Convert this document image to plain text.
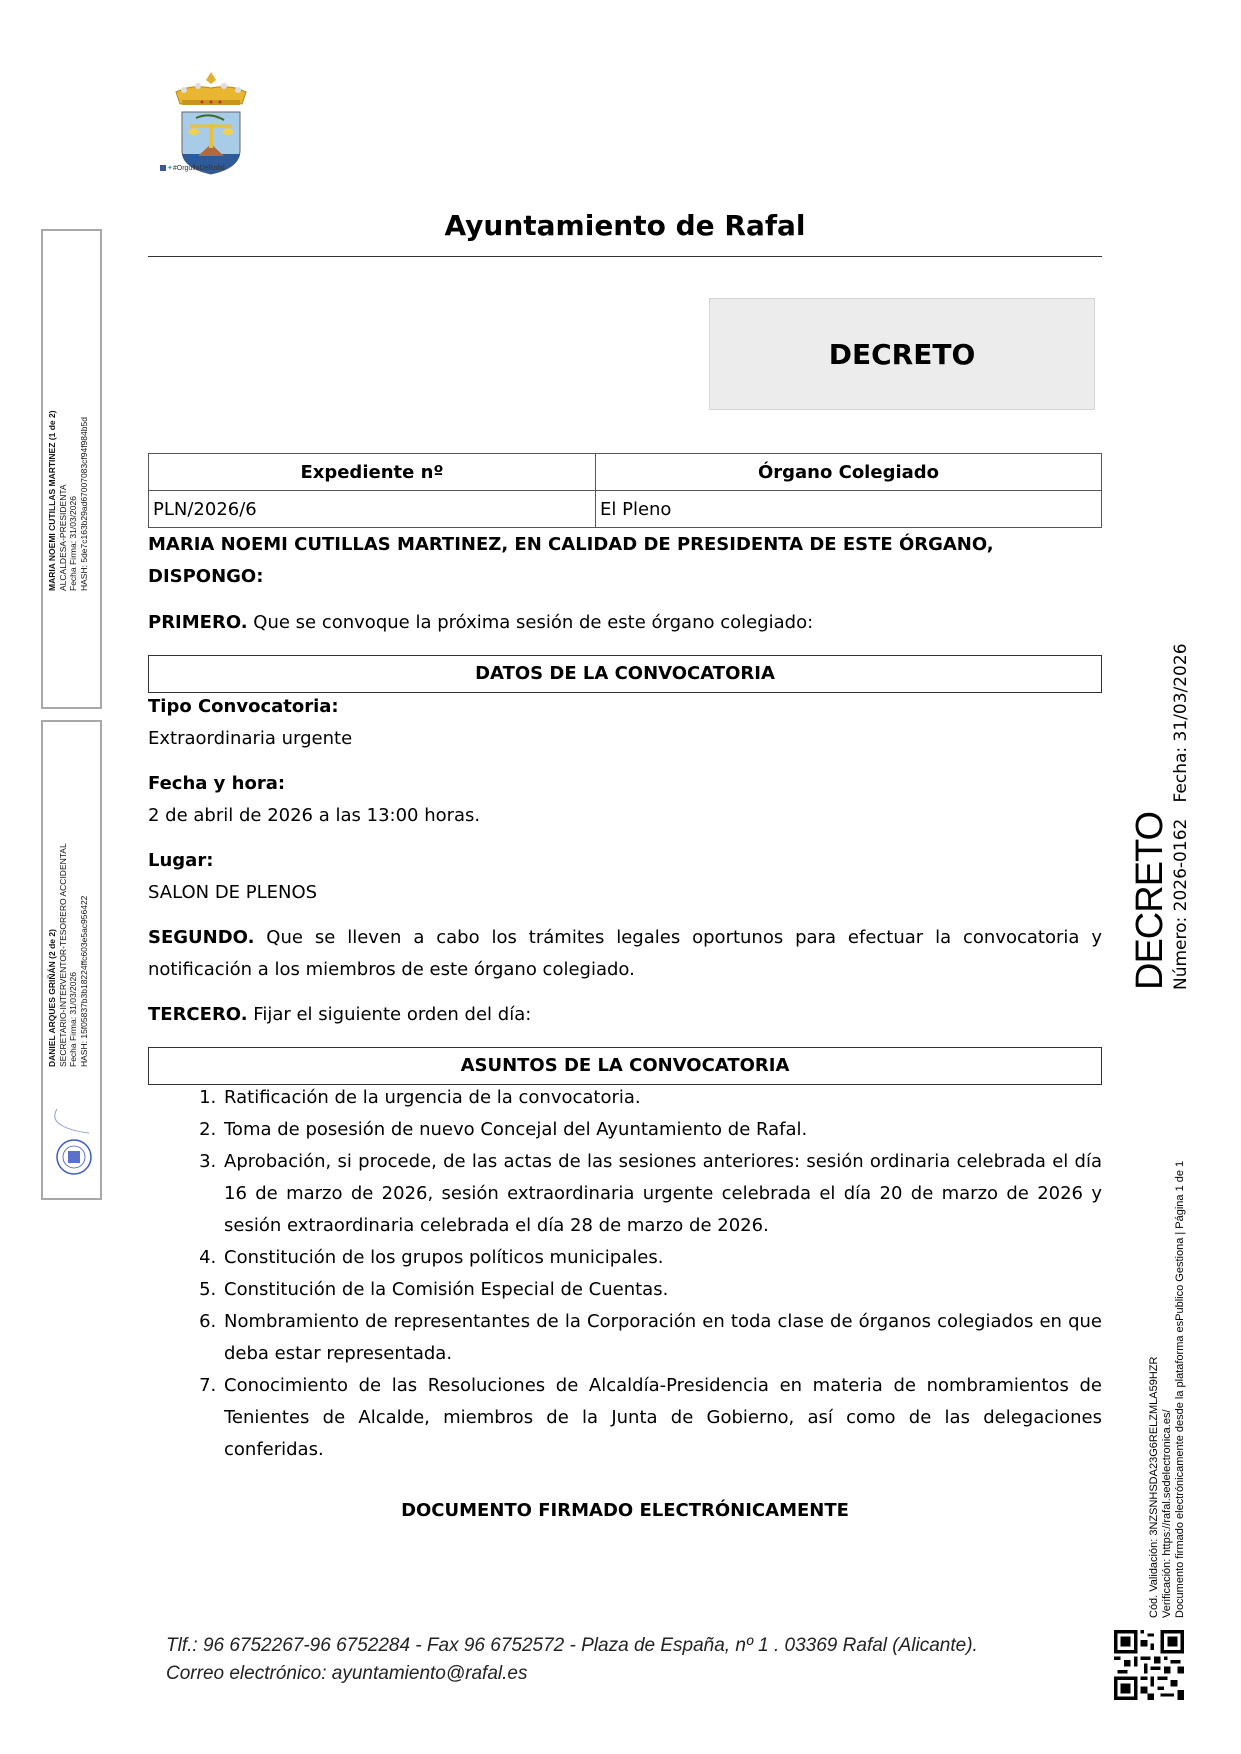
✦#OrgulloDeRafal
Ayuntamiento de Rafal
DECRETO
Expediente nº	Órgano Colegiado
PLN/2026/6	El Pleno
MARIA NOEMI CUTILLAS MARTINEZ, EN CALIDAD DE PRESIDENTA DE ESTE ÓRGANO,
DISPONGO:
PRIMERO. Que se convoque la próxima sesión de este órgano colegiado:
DATOS DE LA CONVOCATORIA
Tipo Convocatoria:
Extraordinaria urgente
Fecha y hora:
2 de abril de 2026 a las 13:00 horas.
Lugar:
SALON DE PLENOS
SEGUNDO. Que se lleven a cabo los trámites legales oportunos para efectuar la convocatoria y notificación a los miembros de este órgano colegiado.
TERCERO. Fijar el siguiente orden del día:
ASUNTOS DE LA CONVOCATORIA
1. Ratificación de la urgencia de la convocatoria.
2. Toma de posesión de nuevo Concejal del Ayuntamiento de Rafal.
3. Aprobación, si procede, de las actas de las sesiones anteriores: sesión ordinaria celebrada el día 16 de marzo de 2026, sesión extraordinaria urgente celebrada el día 20 de marzo de 2026 y sesión extraordinaria celebrada el día 28 de marzo de 2026.
4. Constitución de los grupos políticos municipales.
5. Constitución de la Comisión Especial de Cuentas.
6. Nombramiento de representantes de la Corporación en toda clase de órganos colegiados en que deba estar representada.
7. Conocimiento de las Resoluciones de Alcaldía-Presidencia en materia de nombramientos de Tenientes de Alcalde, miembros de la Junta de Gobierno, así como de las delegaciones conferidas.
DOCUMENTO FIRMADO ELECTRÓNICAMENTE
Tlf.: 96 6752267-96 6752284 - Fax 96 6752572 - Plaza de España, nº 1 . 03369 Rafal (Alicante).
Correo electrónico: ayuntamiento@rafal.es
MARIA NOEMI CUTILLAS MARTINEZ (1 de 2) ALCALDESA-PRESIDENTA Fecha Firma: 31/03/2026 HASH: 5de7c163b29ad67007083cf94f984b5d
DANIEL ARQUES GRIÑÁN (2 de 2) SECRETARIO-INTERVENTOR-TESORERO ACCIDENTAL Fecha Firma: 31/03/2026 HASH: 15f05837b3b18224ffc603e5ac956422	DECRETO Número: 2026-0162   Fecha: 31/03/2026
Cód. Validación: 3NZSNHSDA23G6RELZMLA59HZR Verificación: https://rafal.sedelectronica.es/ Documento firmado electrónicamente desde la plataforma esPublico Gestiona | Página 1 de 1
